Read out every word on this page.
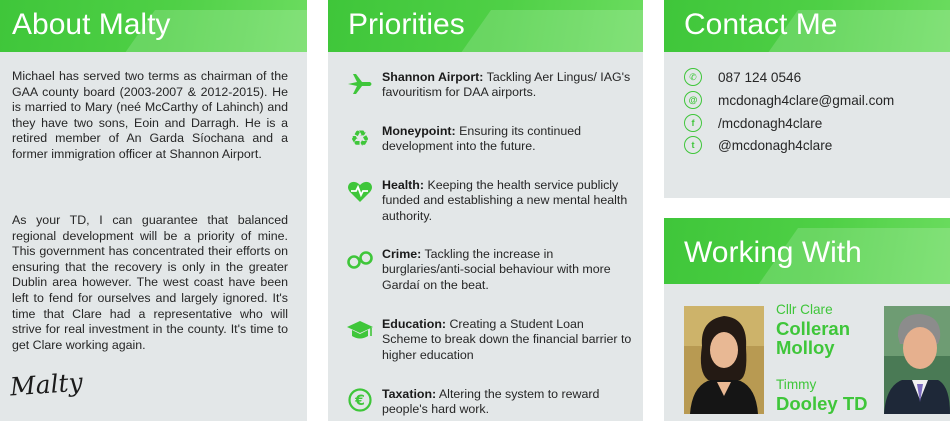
About Malty

Michael has served two terms as chairman of the GAA county board (2003-2007 & 2012-2015). He is married to Mary (neé McCarthy of Lahinch) and they have two sons, Eoin and Darragh. He is a retired member of An Garda Síochana and a former immigration officer at Shannon Airport.

As your TD, I can guarantee that balanced regional development will be a priority of mine. This government has concentrated their efforts on ensuring that the recovery is only in the greater Dublin area however. The west coast have been left to fend for ourselves and largely ignored. It's time that Clare had a representative who will strive for real investment in the county. It's time to get Clare working again.

Malty
Priorities
Shannon Airport: Tackling Aer Lingus/ IAG's favouritism for DAA airports.
♻ Moneypoint: Ensuring its continued development into the future.
Health: Keeping the health service publicly funded and establishing a new mental health authority.
Crime: Tackling the increase in burglaries/anti-social behaviour with more Gardaí on the beat.
Education: Creating a Student Loan Scheme to break down the financial barrier to higher education
€ Taxation: Altering the system to reward people's hard work.
Contact Me
✆	087 124 0546
@	mcdonagh4clare@gmail.com
f	/mcdonagh4clare
t	@mcdonagh4clare
Working With
Cllr Clare
Colleran
Molloy
Timmy
Dooley TD
